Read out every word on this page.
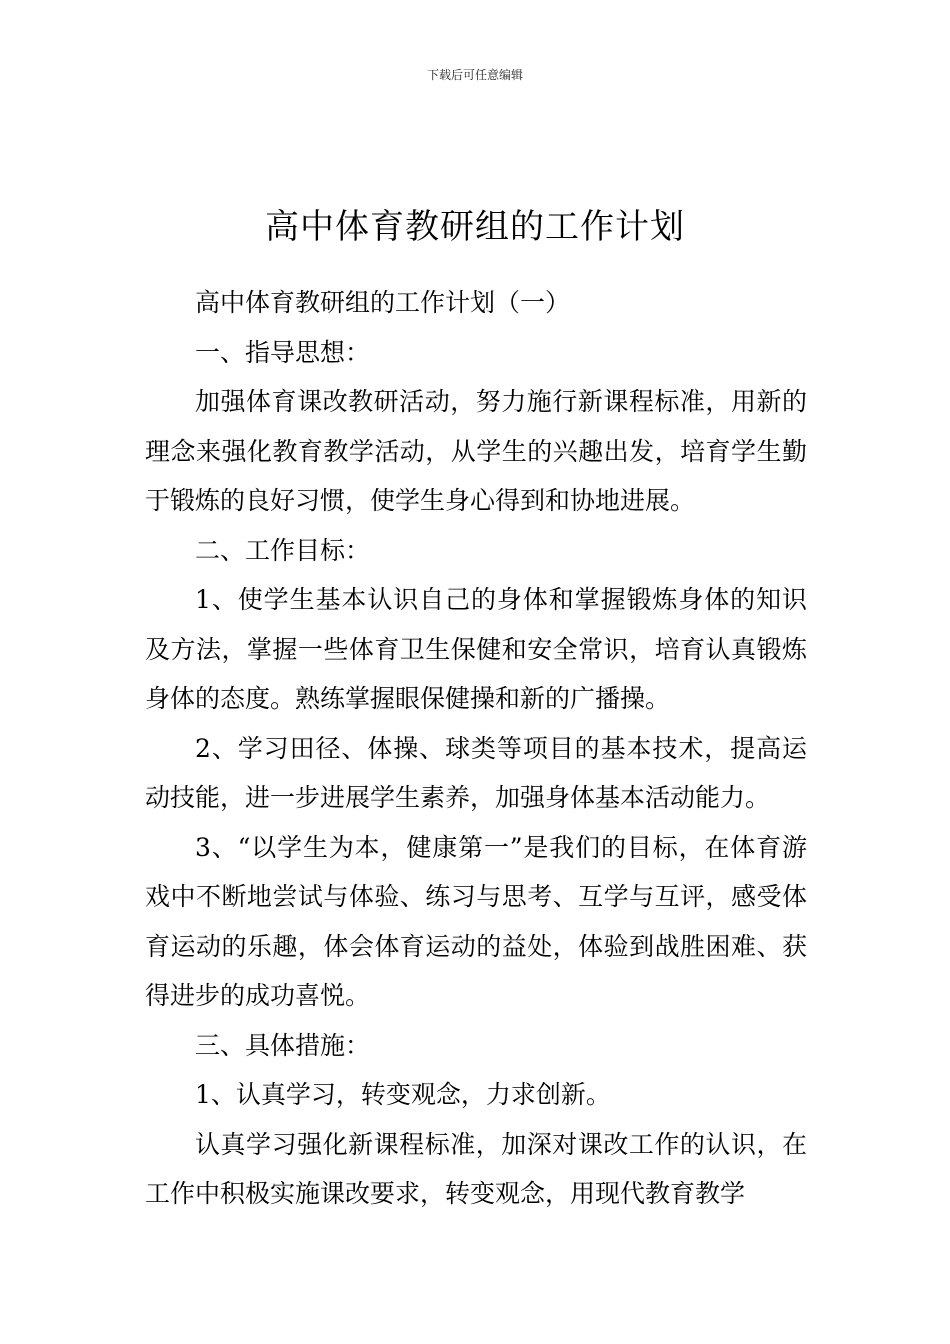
下载后可任意编辑
高中体育教研组的工作计划

高中体育教研组的工作计划（一）

一、指导思想：

加强体育课改教研活动，努力施行新课程标准，用新的理念来强化教育教学活动，从学生的兴趣出发，培育学生勤于锻炼的良好习惯，使学生身心得到和协地进展。

二、工作目标：

1、使学生基本认识自己的身体和掌握锻炼身体的知识及方法，掌握一些体育卫生保健和安全常识，培育认真锻炼身体的态度。熟练掌握眼保健操和新的广播操。

2、学习田径、体操、球类等项目的基本技术，提高运动技能，进一步进展学生素养，加强身体基本活动能力。

3、“以学生为本，健康第一”是我们的目标，在体育游戏中不断地尝试与体验、练习与思考、互学与互评，感受体育运动的乐趣，体会体育运动的益处，体验到战胜困难、获得进步的成功喜悦。

三、具体措施：

1、认真学习，转变观念，力求创新。

认真学习强化新课程标准，加深对课改工作的认识，在工作中积极实施课改要求，转变观念，用现代教育教学
